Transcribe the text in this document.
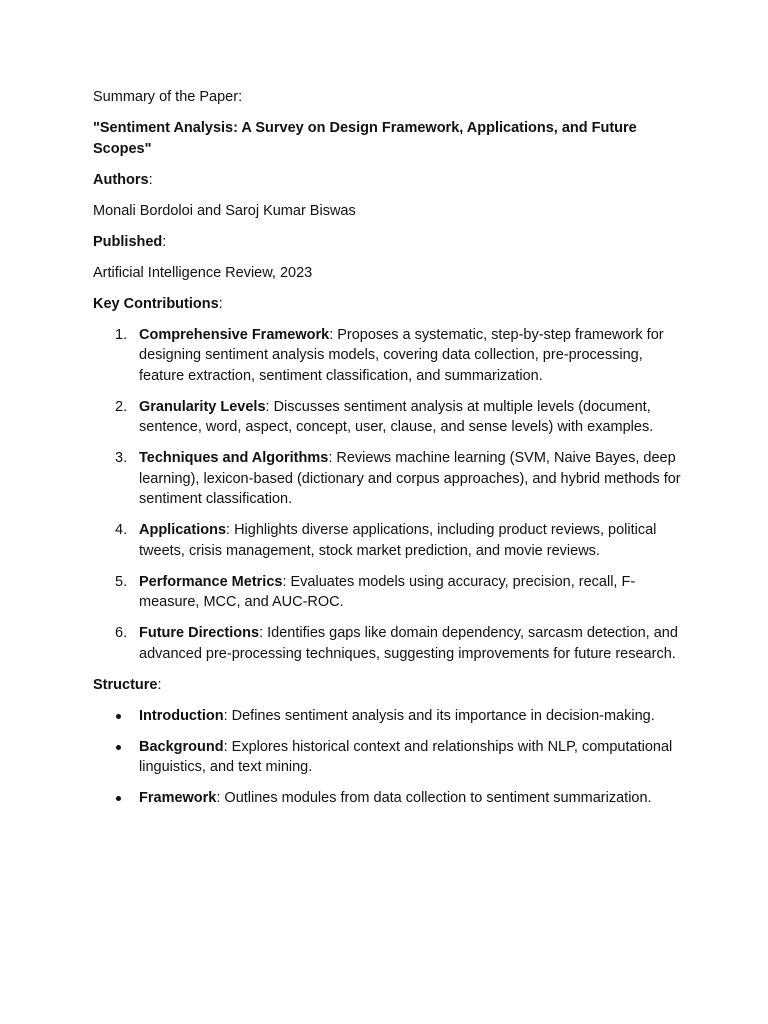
Summary of the Paper:

"Sentiment Analysis: A Survey on Design Framework, Applications, and Future Scopes"

Authors:

Monali Bordoloi and Saroj Kumar Biswas

Published:

Artificial Intelligence Review, 2023

Key Contributions:

1. Comprehensive Framework: Proposes a systematic, step-by-step framework for designing sentiment analysis models, covering data collection, pre-processing, feature extraction, sentiment classification, and summarization.
2. Granularity Levels: Discusses sentiment analysis at multiple levels (document, sentence, word, aspect, concept, user, clause, and sense levels) with examples.
3. Techniques and Algorithms: Reviews machine learning (SVM, Naive Bayes, deep learning), lexicon-based (dictionary and corpus approaches), and hybrid methods for sentiment classification.
4. Applications: Highlights diverse applications, including product reviews, political tweets, crisis management, stock market prediction, and movie reviews.
5. Performance Metrics: Evaluates models using accuracy, precision, recall, F-measure, MCC, and AUC-ROC.
6. Future Directions: Identifies gaps like domain dependency, sarcasm detection, and advanced pre-processing techniques, suggesting improvements for future research.

Structure:

Introduction: Defines sentiment analysis and its importance in decision-making.
Background: Explores historical context and relationships with NLP, computational linguistics, and text mining.
Framework: Outlines modules from data collection to sentiment summarization.
